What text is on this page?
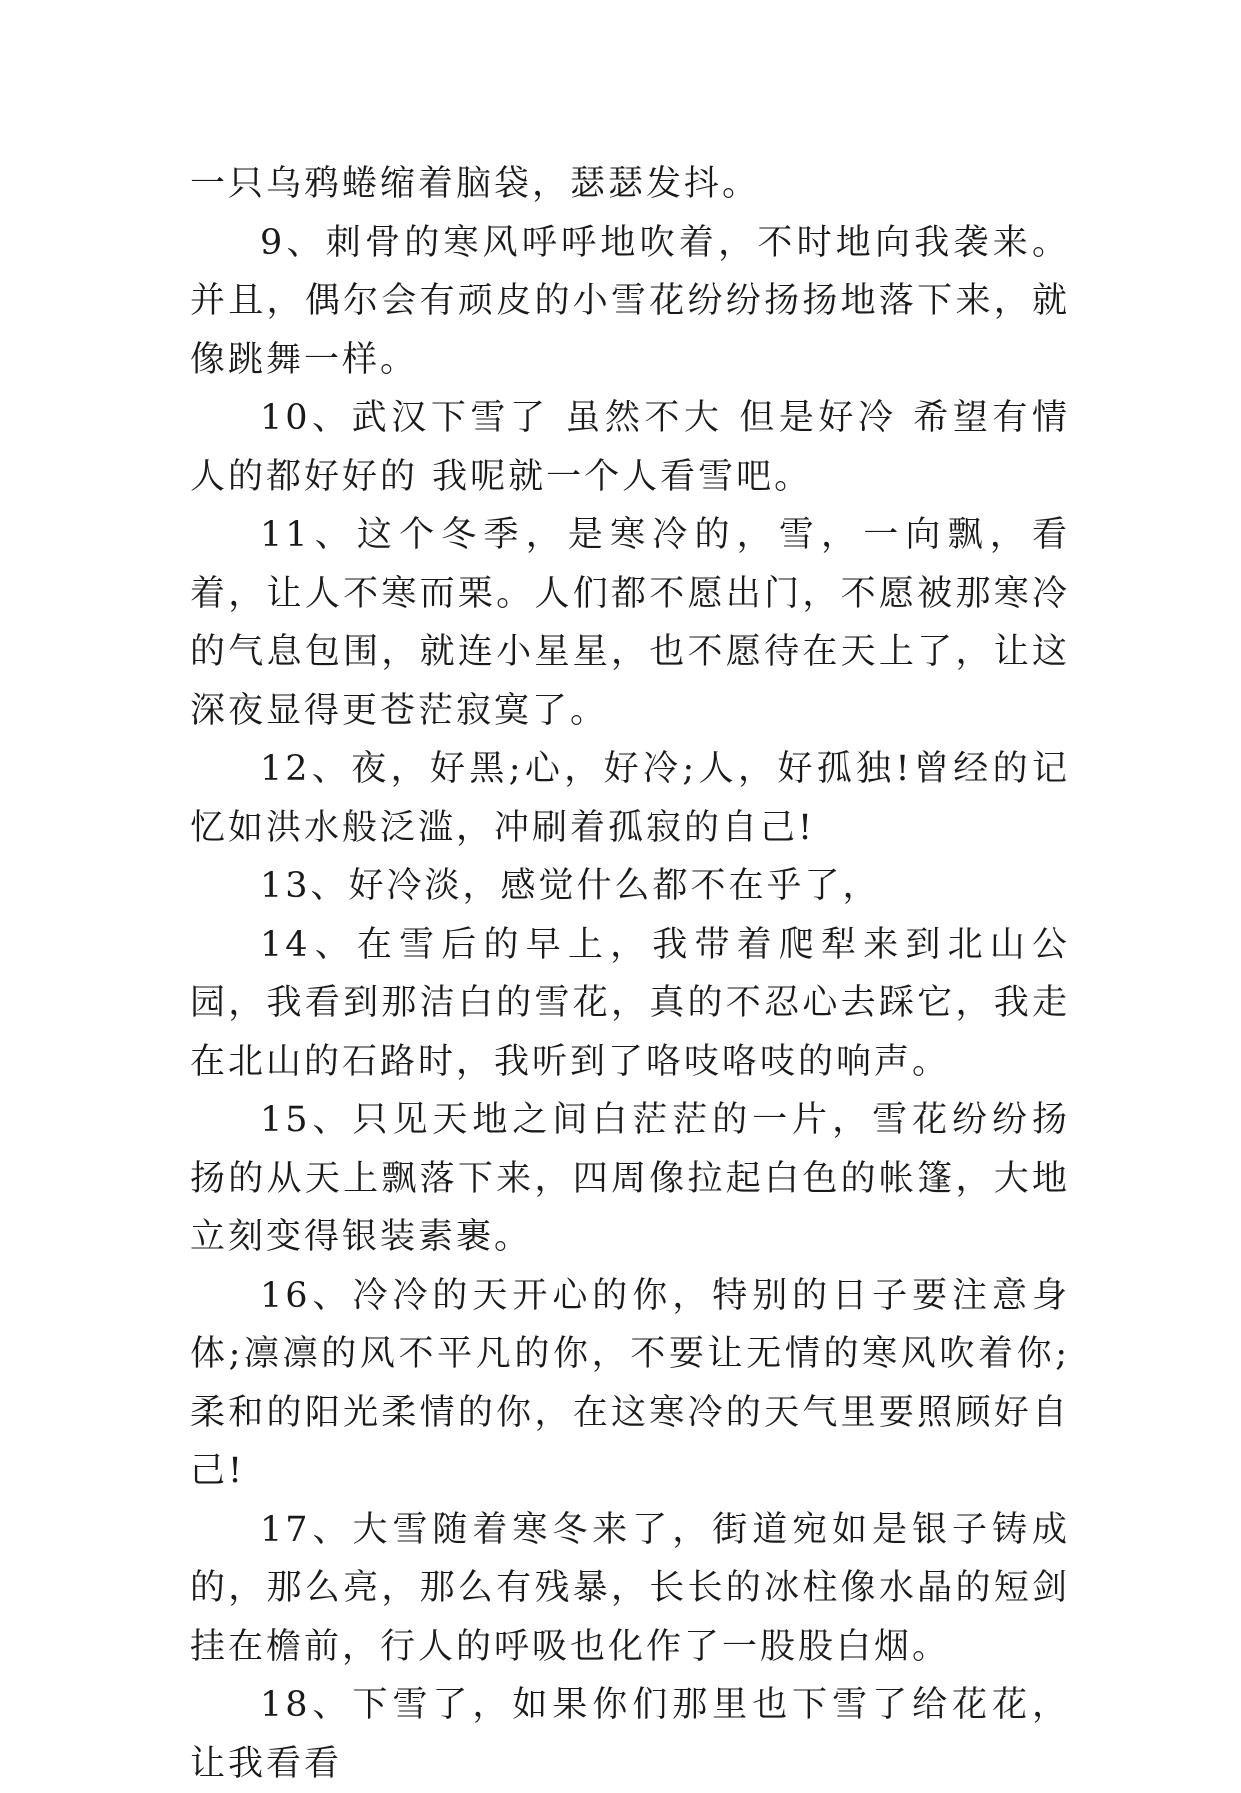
一只乌鸦蜷缩着脑袋，瑟瑟发抖。

9、刺骨的寒风呼呼地吹着，不时地向我袭来。并且，偶尔会有顽皮的小雪花纷纷扬扬地落下来，就像跳舞一样。

10、武汉下雪了 虽然不大 但是好冷 希望有情人的都好好的 我呢就一个人看雪吧。

11、这个冬季，是寒冷的，雪，一向飘，看着，让人不寒而栗。人们都不愿出门，不愿被那寒冷的气息包围，就连小星星，也不愿待在天上了，让这深夜显得更苍茫寂寞了。

12、夜，好黑;心，好冷;人，好孤独!曾经的记忆如洪水般泛滥，冲刷着孤寂的自己!

13、好冷淡，感觉什么都不在乎了，

14、在雪后的早上，我带着爬犁来到北山公园，我看到那洁白的雪花，真的不忍心去踩它，我走在北山的石路时，我听到了咯吱咯吱的响声。

15、只见天地之间白茫茫的一片，雪花纷纷扬扬的从天上飘落下来，四周像拉起白色的帐篷，大地立刻变得银装素裹。

16、冷冷的天开心的你，特别的日子要注意身体;凛凛的风不平凡的你，不要让无情的寒风吹着你;柔和的阳光柔情的你，在这寒冷的天气里要照顾好自己!

17、大雪随着寒冬来了，街道宛如是银子铸成的，那么亮，那么有残暴，长长的冰柱像水晶的短剑挂在檐前，行人的呼吸也化作了一股股白烟。

18、下雪了，如果你们那里也下雪了给花花，让我看看
